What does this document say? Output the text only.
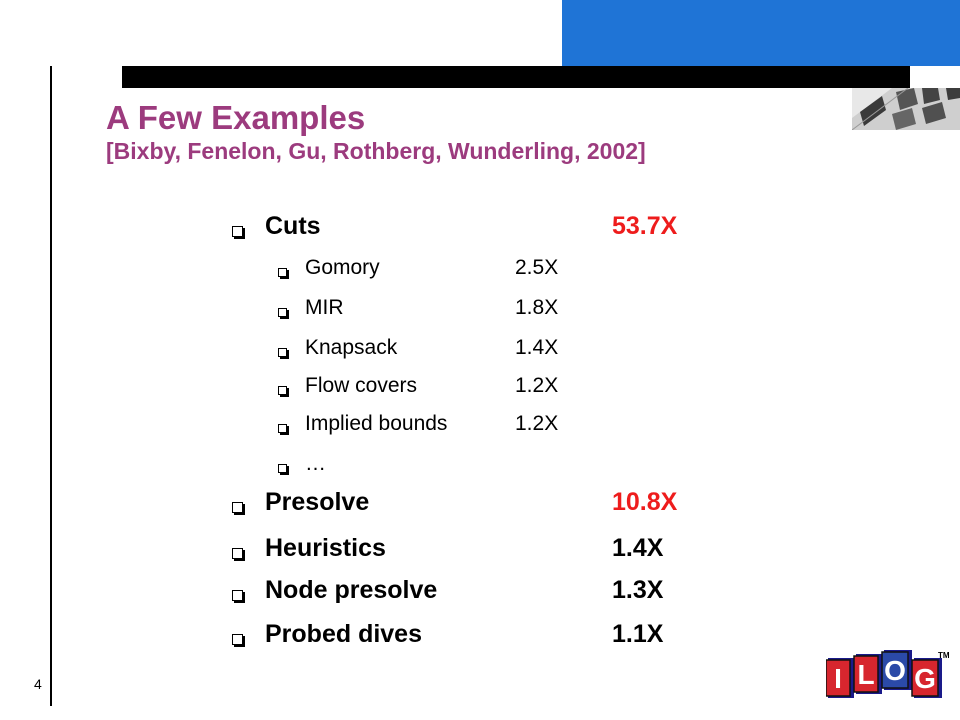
A Few Examples

[Bixby, Fenelon, Gu, Rothberg, Wunderling, 2002]

Cuts	53.7X
Gomory	2.5X
MIR	1.8X
Knapsack	1.4X
Flow covers	1.2X
Implied bounds	1.2X
…
Presolve	10.8X
Heuristics	1.4X
Node presolve	1.3X
Probed dives	1.1X
4	I L O G
TM
